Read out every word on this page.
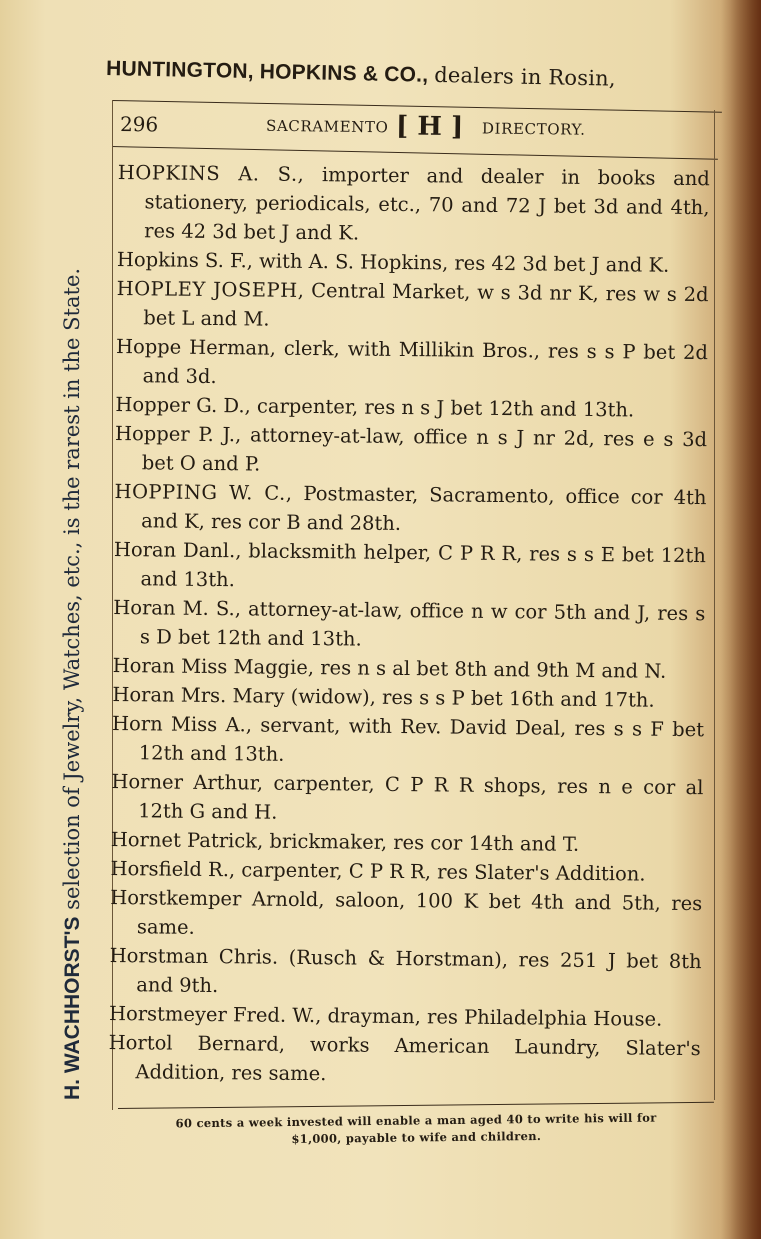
HUNTINGTON, HOPKINS & CO., dealers in Rosin,
H. WACHHORST'S selection of Jewelry, Watches, etc., is the rarest in the State.
296	SACRAMENTO [ H ] DIRECTORY.
HOPKINS A. S., importer and dealer in books and stationery, periodicals, etc., 70 and 72 J bet 3d and 4th, res 42 3d bet J and K.
Hopkins S. F., with A. S. Hopkins, res 42 3d bet J and K.
HOPLEY JOSEPH, Central Market, w s 3d nr K, res w s 2d bet L and M.
Hoppe Herman, clerk, with Millikin Bros., res s s P bet 2d and 3d.
Hopper G. D., carpenter, res n s J bet 12th and 13th.
Hopper P. J., attorney-at-law, office n s J nr 2d, res e s 3d bet O and P.
HOPPING W. C., Postmaster, Sacramento, office cor 4th and K, res cor B and 28th.
Horan Danl., blacksmith helper, C P R R, res s s E bet 12th and 13th.
Horan M. S., attorney-at-law, office n w cor 5th and J, res s s D bet 12th and 13th.
Horan Miss Maggie, res n s al bet 8th and 9th M and N.
Horan Mrs. Mary (widow), res s s P bet 16th and 17th.
Horn Miss A., servant, with Rev. David Deal, res s s F bet 12th and 13th.
Horner Arthur, carpenter, C P R R shops, res n e cor al 12th G and H.
Hornet Patrick, brickmaker, res cor 14th and T.
Horsfield R., carpenter, C P R R, res Slater's Addition.
Horstkemper Arnold, saloon, 100 K bet 4th and 5th, res same.
Horstman Chris. (Rusch & Horstman), res 251 J bet 8th and 9th.
Horstmeyer Fred. W., drayman, res Philadelphia House.
Hortol Bernard, works American Laundry, Slater's Addition, res same.
60 cents a week invested will enable a man aged 40 to write his will for
$1,000, payable to wife and children.
